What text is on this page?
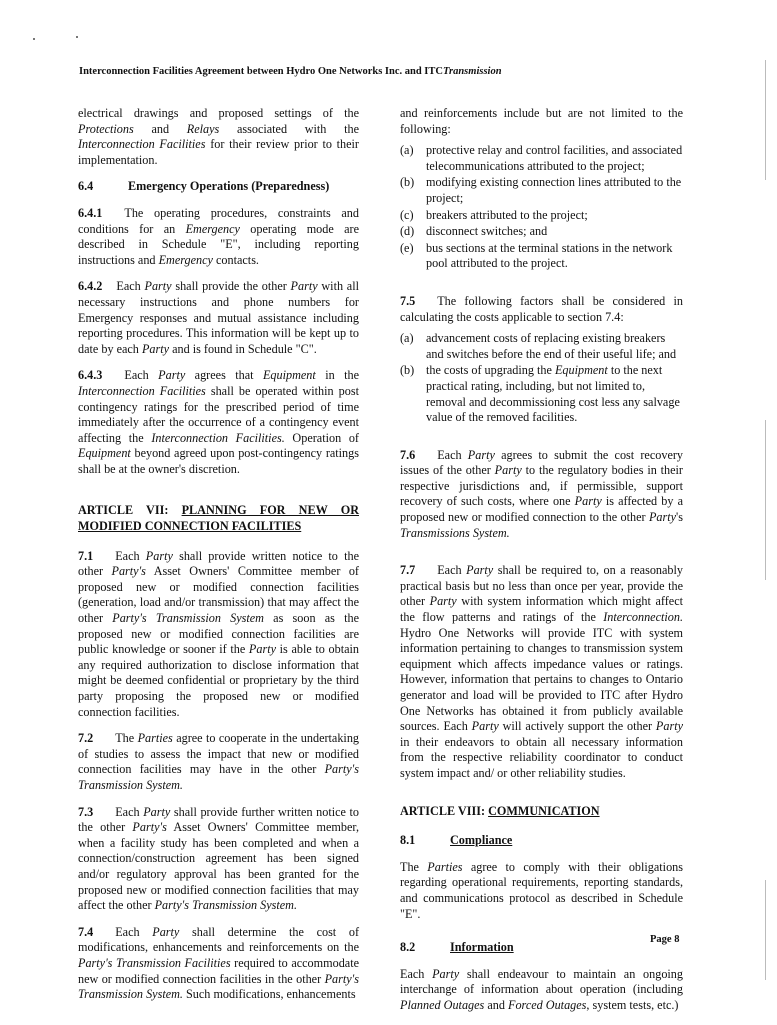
Interconnection Facilities Agreement between Hydro One Networks Inc. and ITCTransmission

electrical drawings and proposed settings of the Protections and Relays associated with the Interconnection Facilities for their review prior to their implementation.

6.4	Emergency Operations (Preparedness)

6.4.1 The operating procedures, constraints and conditions for an Emergency operating mode are described in Schedule "E", including reporting instructions and Emergency contacts.

6.4.2 Each Party shall provide the other Party with all necessary instructions and phone numbers for Emergency responses and mutual assistance including reporting procedures. This information will be kept up to date by each Party and is found in Schedule "C".

6.4.3 Each Party agrees that Equipment in the Interconnection Facilities shall be operated within post contingency ratings for the prescribed period of time immediately after the occurrence of a contingency event affecting the Interconnection Facilities. Operation of Equipment beyond agreed upon post-contingency ratings shall be at the owner's discretion.

ARTICLE VII: PLANNING FOR NEW OR MODIFIED CONNECTION FACILITIES

7.1 Each Party shall provide written notice to the other Party's Asset Owners' Committee member of proposed new or modified connection facilities (generation, load and/or transmission) that may affect the other Party's Transmission System as soon as the proposed new or modified connection facilities are public knowledge or sooner if the Party is able to obtain any required authorization to disclose information that might be deemed confidential or proprietary by the third party proposing the proposed new or modified connection facilities.

7.2 The Parties agree to cooperate in the undertaking of studies to assess the impact that new or modified connection facilities may have in the other Party's Transmission System.

7.3 Each Party shall provide further written notice to the other Party's Asset Owners' Committee member, when a facility study has been completed and when a connection/construction agreement has been signed and/or regulatory approval has been granted for the proposed new or modified connection facilities that may affect the other Party's Transmission System.

7.4 Each Party shall determine the cost of modifications, enhancements and reinforcements on the Party's Transmission Facilities required to accommodate new or modified connection facilities in the other Party's Transmission System. Such modifications, enhancements

and reinforcements include but are not limited to the following:

(a) protective relay and control facilities, and associated telecommunications attributed to the project;
(b) modifying existing connection lines attributed to the project;
(c) breakers attributed to the project;
(d) disconnect switches; and
(e) bus sections at the terminal stations in the network pool attributed to the project.

7.5 The following factors shall be considered in calculating the costs applicable to section 7.4:

(a) advancement costs of replacing existing breakers and switches before the end of their useful life; and
(b) the costs of upgrading the Equipment to the next practical rating, including, but not limited to, removal and decommissioning cost less any salvage value of the removed facilities.

7.6 Each Party agrees to submit the cost recovery issues of the other Party to the regulatory bodies in their respective jurisdictions and, if permissible, support recovery of such costs, where one Party is affected by a proposed new or modified connection to the other Party's Transmissions System.

7.7 Each Party shall be required to, on a reasonably practical basis but no less than once per year, provide the other Party with system information which might affect the flow patterns and ratings of the Interconnection. Hydro One Networks will provide ITC with system information pertaining to changes to transmission system equipment which affects impedance values or ratings. However, information that pertains to changes to Ontario generator and load will be provided to ITC after Hydro One Networks has obtained it from publicly available sources. Each Party will actively support the other Party in their endeavors to obtain all necessary information from the respective reliability coordinator to conduct system impact and/ or other reliability studies.

ARTICLE VIII: COMMUNICATION
8.1	Compliance

The Parties agree to comply with their obligations regarding operational requirements, reporting standards, and communications protocol as described in Schedule "E".

8.2	Information

Each Party shall endeavour to maintain an ongoing interchange of information about operation (including Planned Outages and Forced Outages, system tests, etc.)

Page 8
